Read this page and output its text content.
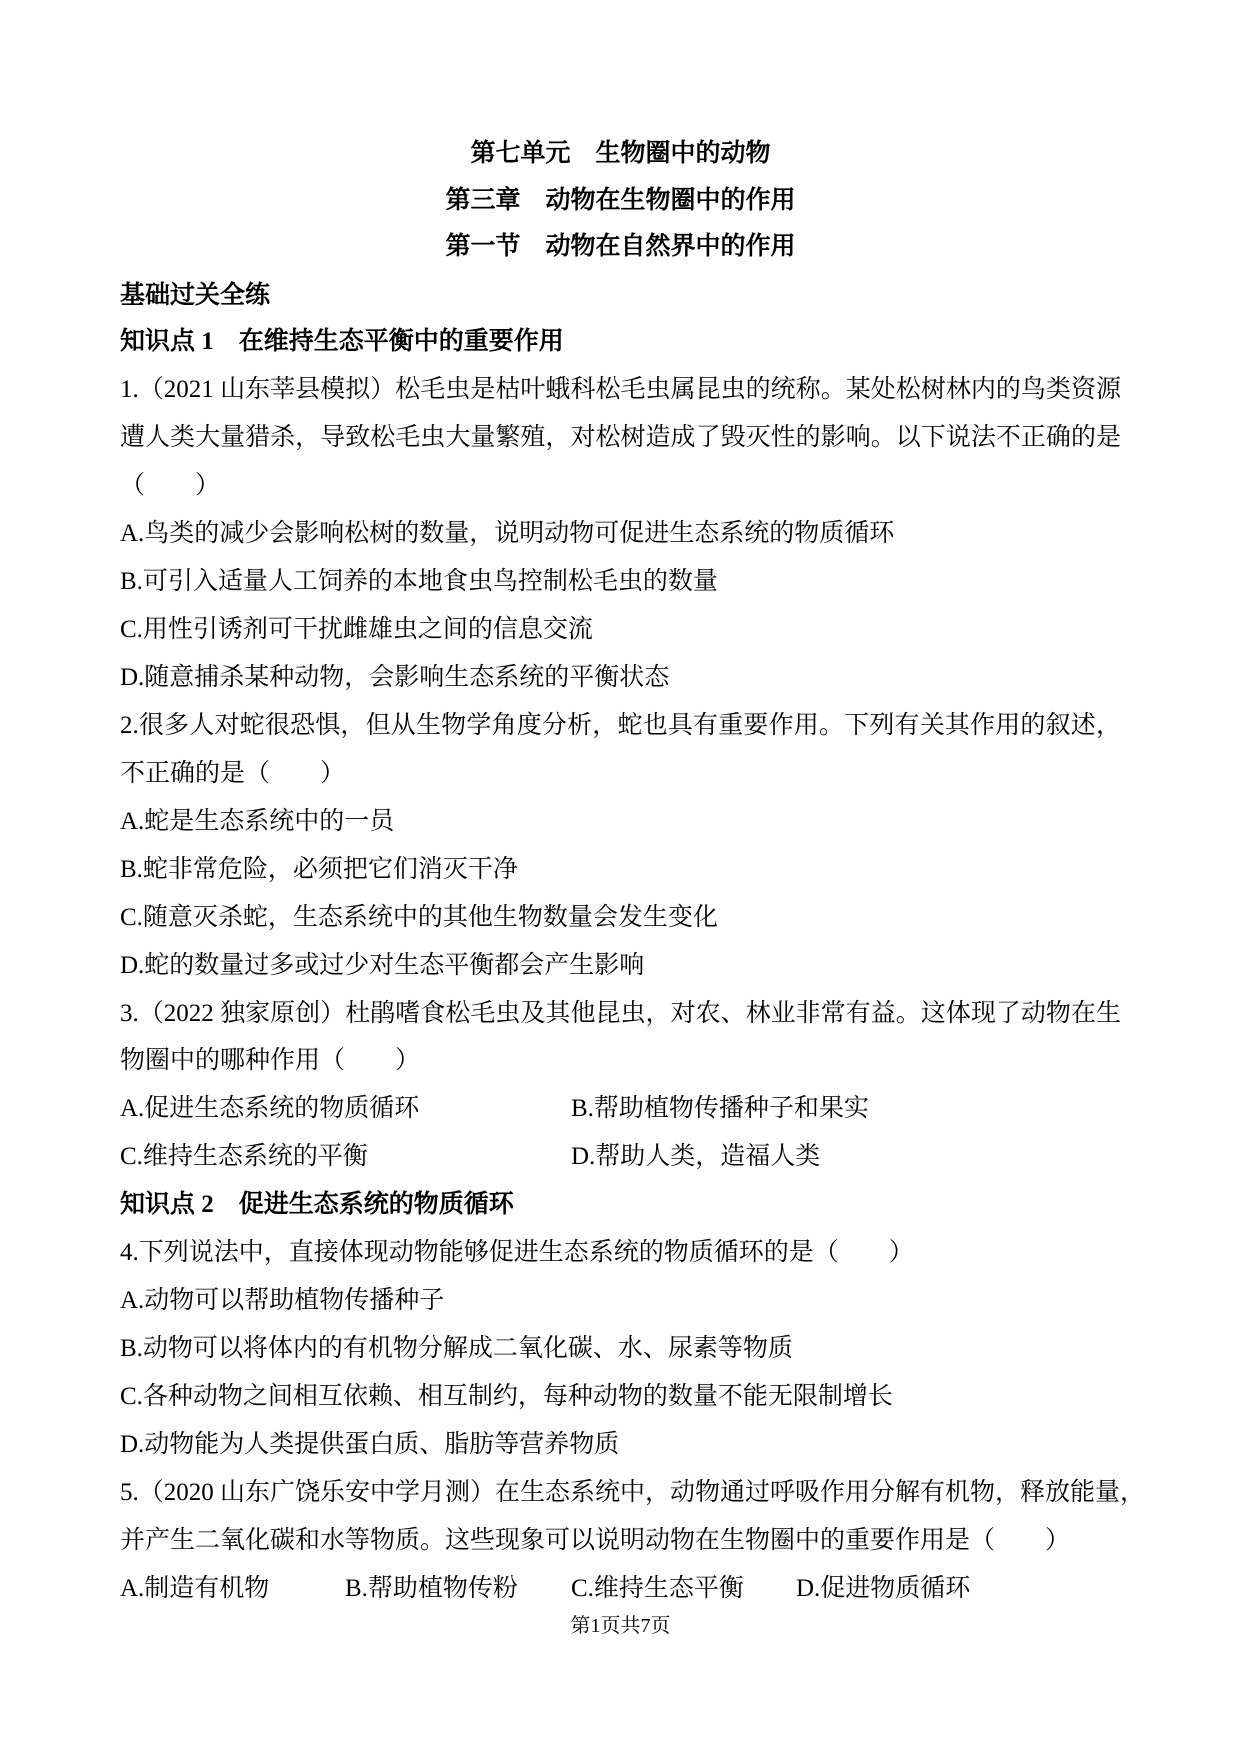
第七单元　生物圈中的动物
第三章　动物在生物圈中的作用
第一节　动物在自然界中的作用
基础过关全练
知识点 1　在维持生态平衡中的重要作用
1.（2021 山东莘县模拟）松毛虫是枯叶蛾科松毛虫属昆虫的统称。某处松树林内的鸟类资源
遭人类大量猎杀，导致松毛虫大量繁殖，对松树造成了毁灭性的影响。以下说法不正确的是
（　　）
A.鸟类的减少会影响松树的数量，说明动物可促进生态系统的物质循环
B.可引入适量人工饲养的本地食虫鸟控制松毛虫的数量
C.用性引诱剂可干扰雌雄虫之间的信息交流
D.随意捕杀某种动物，会影响生态系统的平衡状态
2.很多人对蛇很恐惧，但从生物学角度分析，蛇也具有重要作用。下列有关其作用的叙述，
不正确的是（　　）
A.蛇是生态系统中的一员
B.蛇非常危险，必须把它们消灭干净
C.随意灭杀蛇，生态系统中的其他生物数量会发生变化
D.蛇的数量过多或过少对生态平衡都会产生影响
3.（2022 独家原创）杜鹃嗜食松毛虫及其他昆虫，对农、林业非常有益。这体现了动物在生
物圈中的哪种作用（　　）
A.促进生态系统的物质循环	B.帮助植物传播种子和果实
C.维持生态系统的平衡	D.帮助人类，造福人类
知识点 2　促进生态系统的物质循环
4.下列说法中，直接体现动物能够促进生态系统的物质循环的是（　　）
A.动物可以帮助植物传播种子
B.动物可以将体内的有机物分解成二氧化碳、水、尿素等物质
C.各种动物之间相互依赖、相互制约，每种动物的数量不能无限制增长
D.动物能为人类提供蛋白质、脂肪等营养物质
5.（2020 山东广饶乐安中学月测）在生态系统中，动物通过呼吸作用分解有机物，释放能量，
并产生二氧化碳和水等物质。这些现象可以说明动物在生物圈中的重要作用是（　　）
A.制造有机物	B.帮助植物传粉 C.维持生态平衡 D.促进物质循环
第1页共7页
